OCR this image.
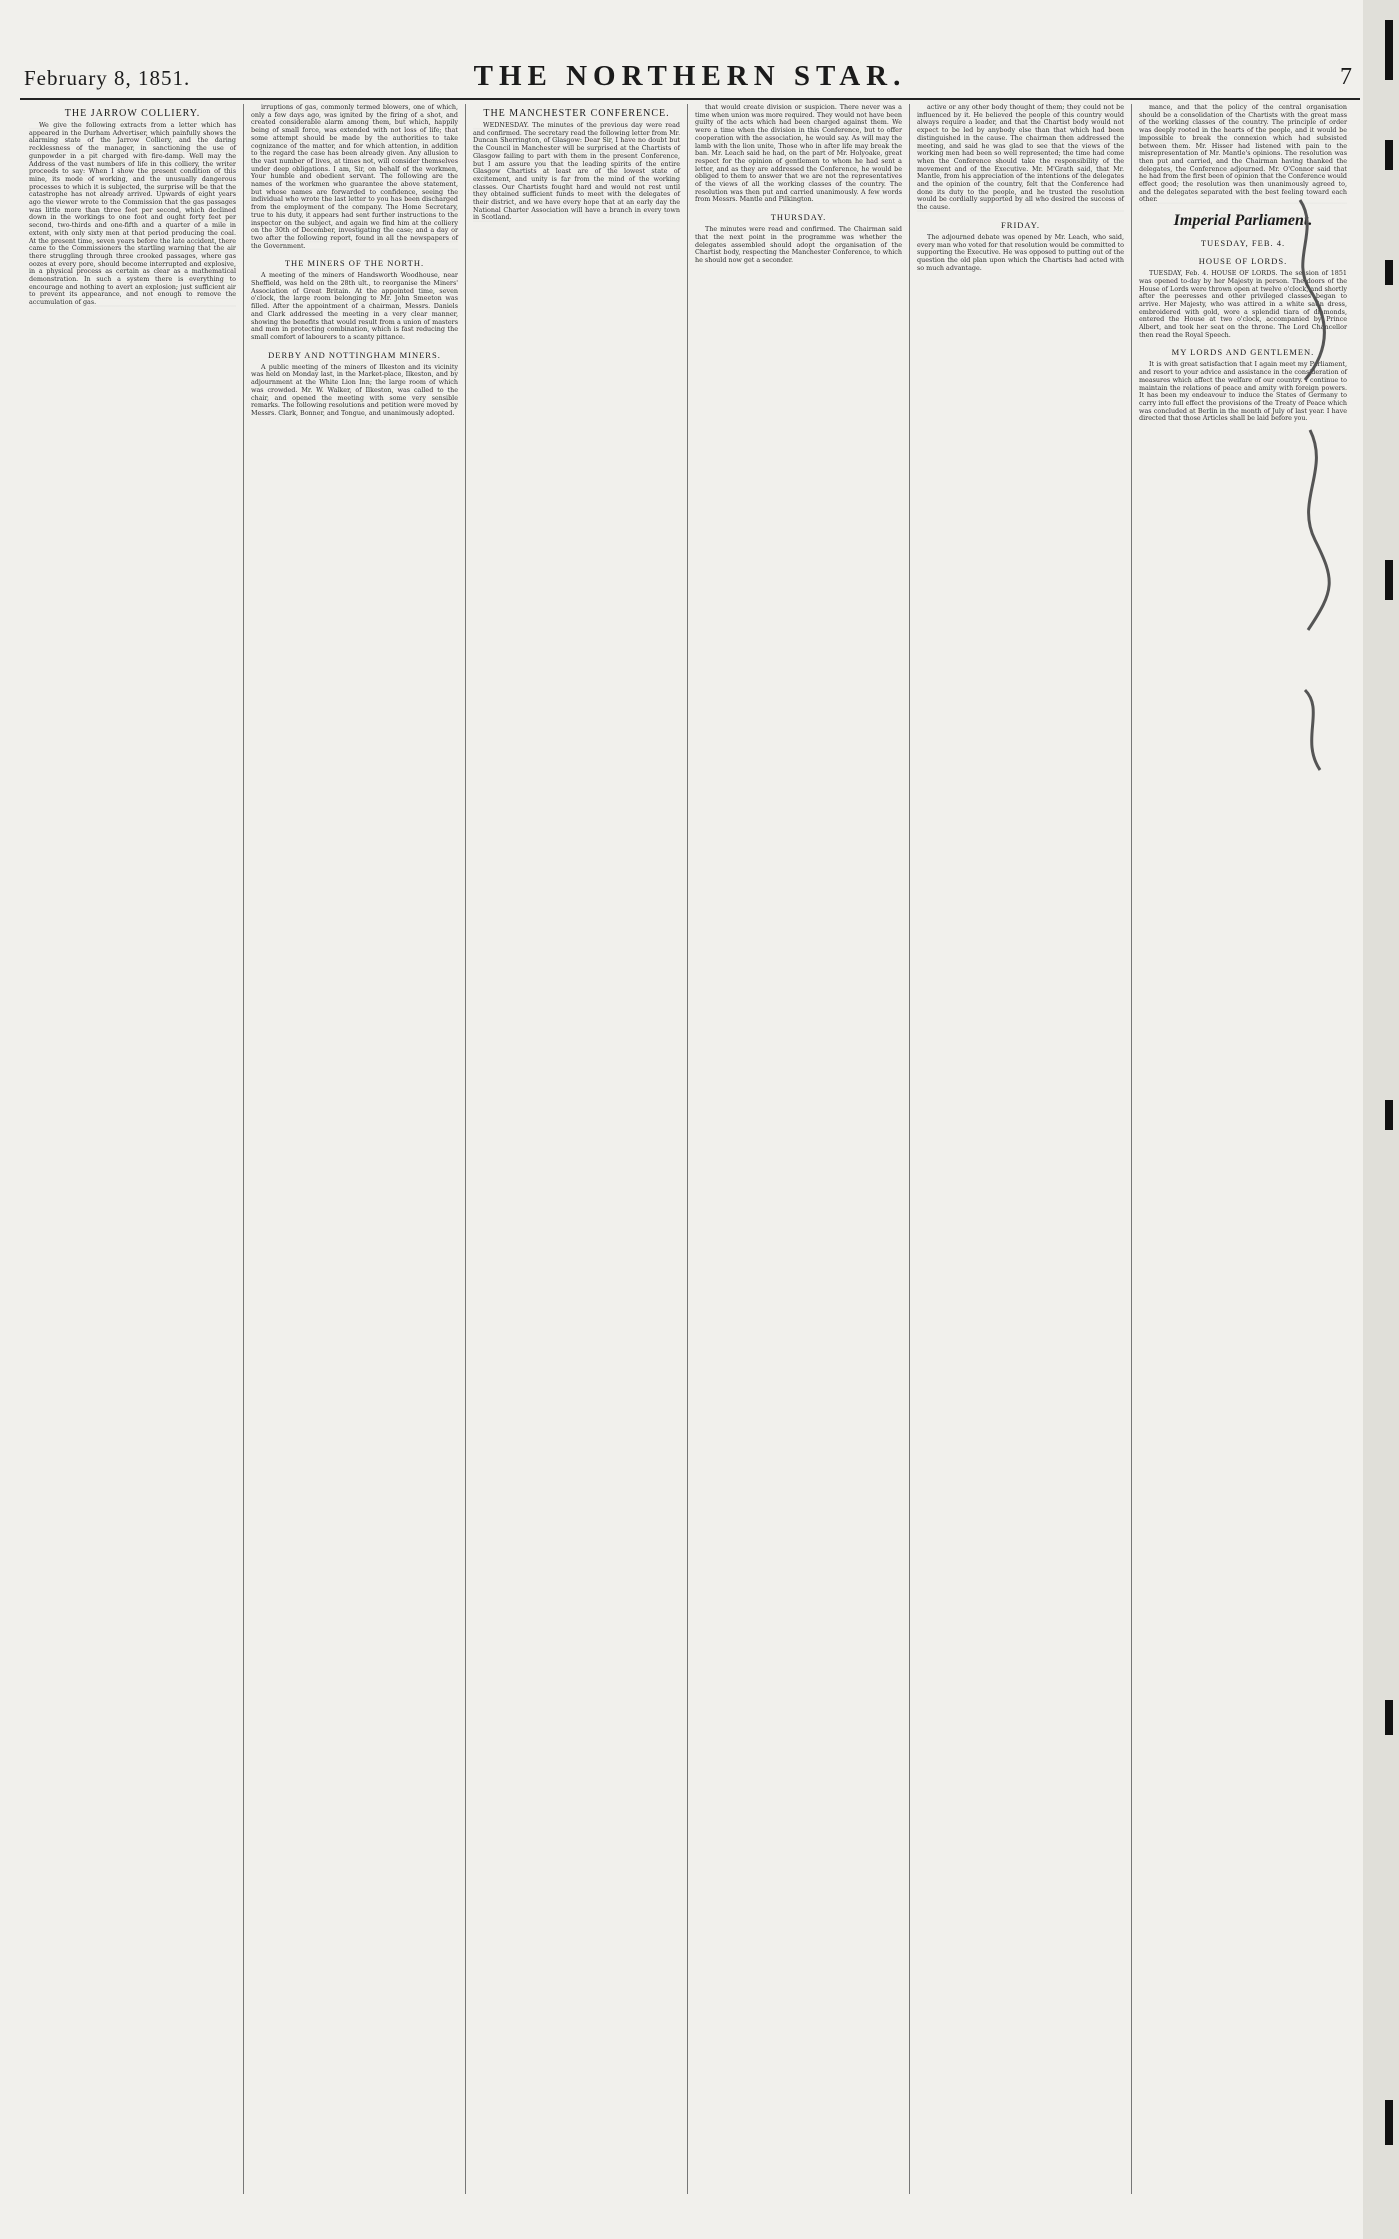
February 8, 1851.	THE NORTHERN STAR.	7
THE JARROW COLLIERY.
We give the following extracts from a letter which has appeared in the Durham Advertiser, which painfully shows the alarming state of the Jarrow Colliery, and the daring recklessness of the manager, in sanctioning the use of gunpowder in a pit charged with fire-damp. Well may the Address of the vast numbers of life in this colliery, the writer proceeds to say: When I show the present condition of this mine, its mode of working, and the unusually dangerous processes to which it is subjected, the surprise will be that the catastrophe has not already arrived. Upwards of eight years ago the viewer wrote to the Commission that the gas passages was little more than three feet per second, which declined down in the workings to one foot and ought forty feet per second, two-thirds and one-fifth and a quarter of a mile in extent, with only sixty men at that period producing the coal. At the present time, seven years before the late accident, there came to the Commissioners the startling warning that the air there struggling through three crooked passages, where gas oozes at every pore, should become interrupted and explosive, in a physical process as certain as clear as a mathematical demonstration. In such a system there is everything to encourage and nothing to avert an explosion; just sufficient air to prevent its appearance, and not enough to remove the accumulation of gas.
irruptions of gas, commonly termed blowers, one of which, only a few days ago, was ignited by the firing of a shot, and created considerable alarm among them, but which, happily being of small force, was extended with not loss of life; that some attempt should be made by the authorities to take cognizance of the matter, and for which attention, in addition to the regard the case has been already given. Any allusion to the vast number of lives, at times not, will consider themselves under deep obligations. I am, Sir, on behalf of the workmen, Your humble and obedient servant. The following are the names of the workmen who guarantee the above statement, but whose names are forwarded to confidence, seeing the individual who wrote the last letter to you has been discharged from the employment of the company. The Home Secretary, true to his duty, it appears had sent further instructions to the inspector on the subject, and again we find him at the colliery on the 30th of December, investigating the case; and a day or two after the following report, found in all the newspapers of the Government.
THE MINERS OF THE NORTH.
A meeting of the miners of Handsworth Woodhouse, near Sheffield, was held on the 28th ult., to reorganise the Miners' Association of Great Britain. At the appointed time, seven o'clock, the large room belonging to Mr. John Smeeton was filled. After the appointment of a chairman, Messrs. Daniels and Clark addressed the meeting in a very clear manner, showing the benefits that would result from a union of masters and men in protecting combination, which is fast reducing the small comfort of labourers to a scanty pittance.
DERBY AND NOTTINGHAM MINERS.
A public meeting of the miners of Ilkeston and its vicinity was held on Monday last, in the Market-place, Ilkeston, and by adjournment at the White Lion Inn; the large room of which was crowded. Mr. W. Walker, of Ilkeston, was called to the chair, and opened the meeting with some very sensible remarks. The following resolutions and petition were moved by Messrs. Clark, Bonner, and Tongue, and unanimously adopted.
THE MANCHESTER CONFERENCE.
WEDNESDAY. The minutes of the previous day were read and confirmed. The secretary read the following letter from Mr. Duncan Sherrington, of Glasgow: Dear Sir, I have no doubt but the Council in Manchester will be surprised at the Chartists of Glasgow failing to part with them in the present Conference, but I am assure you that the leading spirits of the entire Glasgow Chartists at least are of the lowest state of excitement, and unity is far from the mind of the working classes. Our Chartists fought hard and would not rest until they obtained sufficient funds to meet with the delegates of their district, and we have every hope that at an early day the National Charter Association will have a branch in every town in Scotland.
that would create division or suspicion. There never was a time when union was more required. They would not have been guilty of the acts which had been charged against them. We were a time when the division in this Conference, but to offer cooperation with the association, he would say. As will may the lamb with the lion unite, Those who in after life may break the ban. Mr. Leach said he had, on the part of Mr. Holyoake, great respect for the opinion of gentlemen to whom he had sent a letter, and as they are addressed the Conference, he would be obliged to them to answer that we are not the representatives of the views of all the working classes of the country. The resolution was then put and carried unanimously. A few words from Messrs. Mantle and Pilkington.
THURSDAY.
The minutes were read and confirmed. The Chairman said that the next point in the programme was whether the delegates assembled should adopt the organisation of the Chartist body, respecting the Manchester Conference, to which he should now get a seconder.
active or any other body thought of them; they could not be influenced by it. He believed the people of this country would always require a leader, and that the Chartist body would not expect to be led by anybody else than that which had been distinguished in the cause. The chairman then addressed the meeting, and said he was glad to see that the views of the working men had been so well represented; the time had come when the Conference should take the responsibility of the movement and of the Executive. Mr. M'Grath said, that Mr. Mantle, from his appreciation of the intentions of the delegates and the opinion of the country, felt that the Conference had done its duty to the people, and he trusted the resolution would be cordially supported by all who desired the success of the cause.
FRIDAY.
The adjourned debate was opened by Mr. Leach, who said, every man who voted for that resolution would be committed to supporting the Executive. He was opposed to putting out of the question the old plan upon which the Chartists had acted with so much advantage.
mance, and that the policy of the central organisation should be a consolidation of the Chartists with the great mass of the working classes of the country. The principle of order was deeply rooted in the hearts of the people, and it would be impossible to break the connexion which had subsisted between them. Mr. Hisser had listened with pain to the misrepresentation of Mr. Mantle's opinions. The resolution was then put and carried, and the Chairman having thanked the delegates, the Conference adjourned. Mr. O'Connor said that he had from the first been of opinion that the Conference would effect good; the resolution was then unanimously agreed to, and the delegates separated with the best feeling toward each other.
Imperial Parliament.
TUESDAY, FEB. 4.
HOUSE OF LORDS.
TUESDAY, Feb. 4. HOUSE OF LORDS. The session of 1851 was opened to-day by her Majesty in person. The doors of the House of Lords were thrown open at twelve o'clock, and shortly after the peeresses and other privileged classes began to arrive. Her Majesty, who was attired in a white satin dress, embroidered with gold, wore a splendid tiara of diamonds, entered the House at two o'clock, accompanied by Prince Albert, and took her seat on the throne. The Lord Chancellor then read the Royal Speech.
MY LORDS AND GENTLEMEN.
It is with great satisfaction that I again meet my Parliament, and resort to your advice and assistance in the consideration of measures which affect the welfare of our country. I continue to maintain the relations of peace and amity with foreign powers. It has been my endeavour to induce the States of Germany to carry into full effect the provisions of the Treaty of Peace which was concluded at Berlin in the month of July of last year. I have directed that those Articles shall be laid before you.
